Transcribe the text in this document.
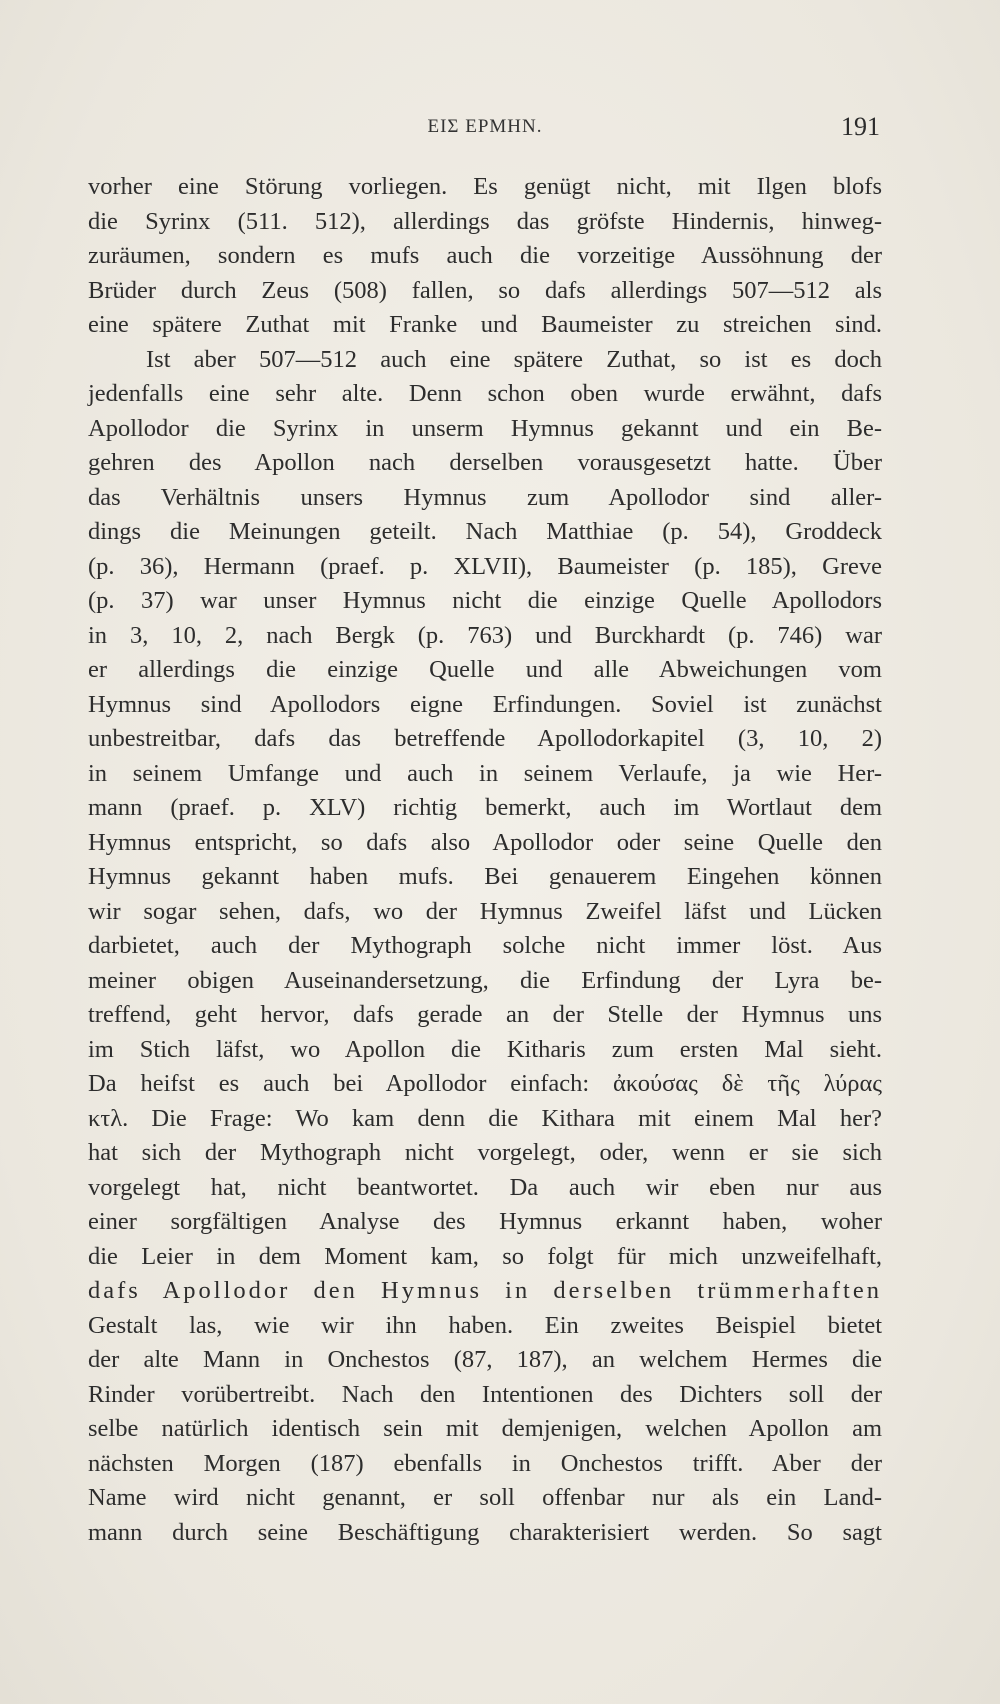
ΕΙΣ ΕΡΜΗΝ.	191
vorher eine Störung vorliegen. Es genügt nicht, mit Ilgen blofs
die Syrinx (511. 512), allerdings das gröfste Hindernis, hinweg-
zuräumen, sondern es mufs auch die vorzeitige Aussöhnung der
Brüder durch Zeus (508) fallen, so dafs allerdings 507—512 als
eine spätere Zuthat mit Franke und Baumeister zu streichen sind.
Ist aber 507—512 auch eine spätere Zuthat, so ist es doch
jedenfalls eine sehr alte. Denn schon oben wurde erwähnt, dafs
Apollodor die Syrinx in unserm Hymnus gekannt und ein Be-
gehren des Apollon nach derselben vorausgesetzt hatte. Über
das Verhältnis unsers Hymnus zum Apollodor sind aller-
dings die Meinungen geteilt. Nach Matthiae (p. 54), Groddeck
(p. 36), Hermann (praef. p. XLVII), Baumeister (p. 185), Greve
(p. 37) war unser Hymnus nicht die einzige Quelle Apollodors
in 3, 10, 2, nach Bergk (p. 763) und Burckhardt (p. 746) war
er allerdings die einzige Quelle und alle Abweichungen vom
Hymnus sind Apollodors eigne Erfindungen. Soviel ist zunächst
unbestreitbar, dafs das betreffende Apollodorkapitel (3, 10, 2)
in seinem Umfange und auch in seinem Verlaufe, ja wie Her-
mann (praef. p. XLV) richtig bemerkt, auch im Wortlaut dem
Hymnus entspricht, so dafs also Apollodor oder seine Quelle den
Hymnus gekannt haben mufs. Bei genauerem Eingehen können
wir sogar sehen, dafs, wo der Hymnus Zweifel läfst und Lücken
darbietet, auch der Mythograph solche nicht immer löst. Aus
meiner obigen Auseinandersetzung, die Erfindung der Lyra be-
treffend, geht hervor, dafs gerade an der Stelle der Hymnus uns
im Stich läfst, wo Apollon die Kitharis zum ersten Mal sieht.
Da heifst es auch bei Apollodor einfach: ἀκούσας δὲ τῆς λύρας
κτλ. Die Frage: Wo kam denn die Kithara mit einem Mal her?
hat sich der Mythograph nicht vorgelegt, oder, wenn er sie sich
vorgelegt hat, nicht beantwortet. Da auch wir eben nur aus
einer sorgfältigen Analyse des Hymnus erkannt haben, woher
die Leier in dem Moment kam, so folgt für mich unzweifelhaft,
dafs Apollodor den Hymnus in derselben trümmerhaften
Gestalt las, wie wir ihn haben. Ein zweites Beispiel bietet
der alte Mann in Onchestos (87, 187), an welchem Hermes die
Rinder vorübertreibt. Nach den Intentionen des Dichters soll der
selbe natürlich identisch sein mit demjenigen, welchen Apollon am
nächsten Morgen (187) ebenfalls in Onchestos trifft. Aber der
Name wird nicht genannt, er soll offenbar nur als ein Land-
mann durch seine Beschäftigung charakterisiert werden. So sagt
